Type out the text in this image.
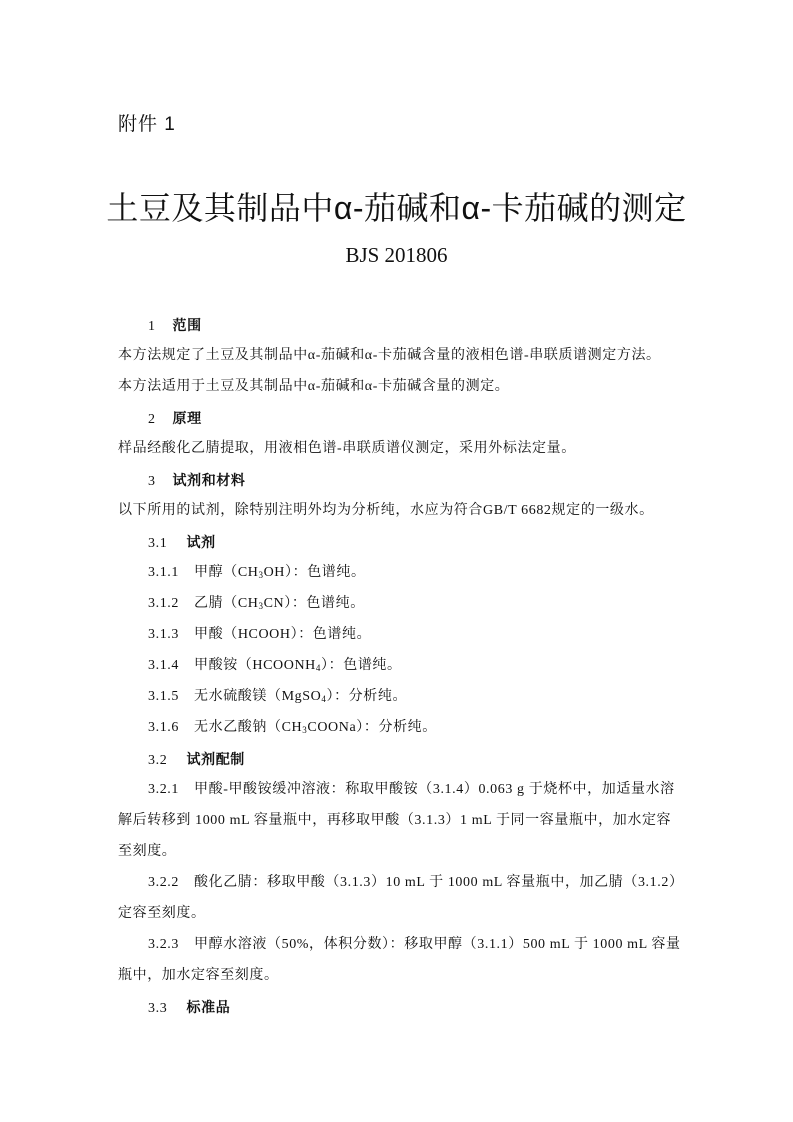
附件 1
土豆及其制品中α-茄碱和α-卡茄碱的测定
BJS 201806
1 范围
本方法规定了土豆及其制品中α-茄碱和α-卡茄碱含量的液相色谱-串联质谱测定方法。
本方法适用于土豆及其制品中α-茄碱和α-卡茄碱含量的测定。
2 原理
样品经酸化乙腈提取，用液相色谱-串联质谱仪测定，采用外标法定量。
3 试剂和材料
以下所用的试剂，除特别注明外均为分析纯，水应为符合GB/T 6682规定的一级水。
3.1 试剂
3.1.1 甲醇$(CH_3OH)$：色谱纯。
3.1.2 乙腈$(CH_3CN)$：色谱纯。
3.1.3 甲酸（HCOOH）：色谱纯。
3.1.4 甲酸铵$(HCOONH_4)$：色谱纯。
3.1.5 无水硫酸镁（MgSO$_4$）：分析纯。
3.1.6 无水乙酸钠$(CH_3COONa)$：分析纯。
3.2 试剂配制
3.2.1 甲酸-甲酸铵缓冲溶液：称取甲酸铵（3.1.4）0.063 g 于烧杯中，加适量水溶
解后转移到 1000 mL 容量瓶中，再移取甲酸（3.1.3）1 mL 于同一容量瓶中，加水定容
至刻度。
3.2.2 酸化乙腈：移取甲酸（3.1.3）10 mL 于 1000 mL 容量瓶中，加乙腈（3.1.2）
定容至刻度。
3.2.3 甲醇水溶液（50%，体积分数）：移取甲醇（3.1.1）500 mL 于 1000 mL 容量
瓶中，加水定容至刻度。
3.3 标准品
